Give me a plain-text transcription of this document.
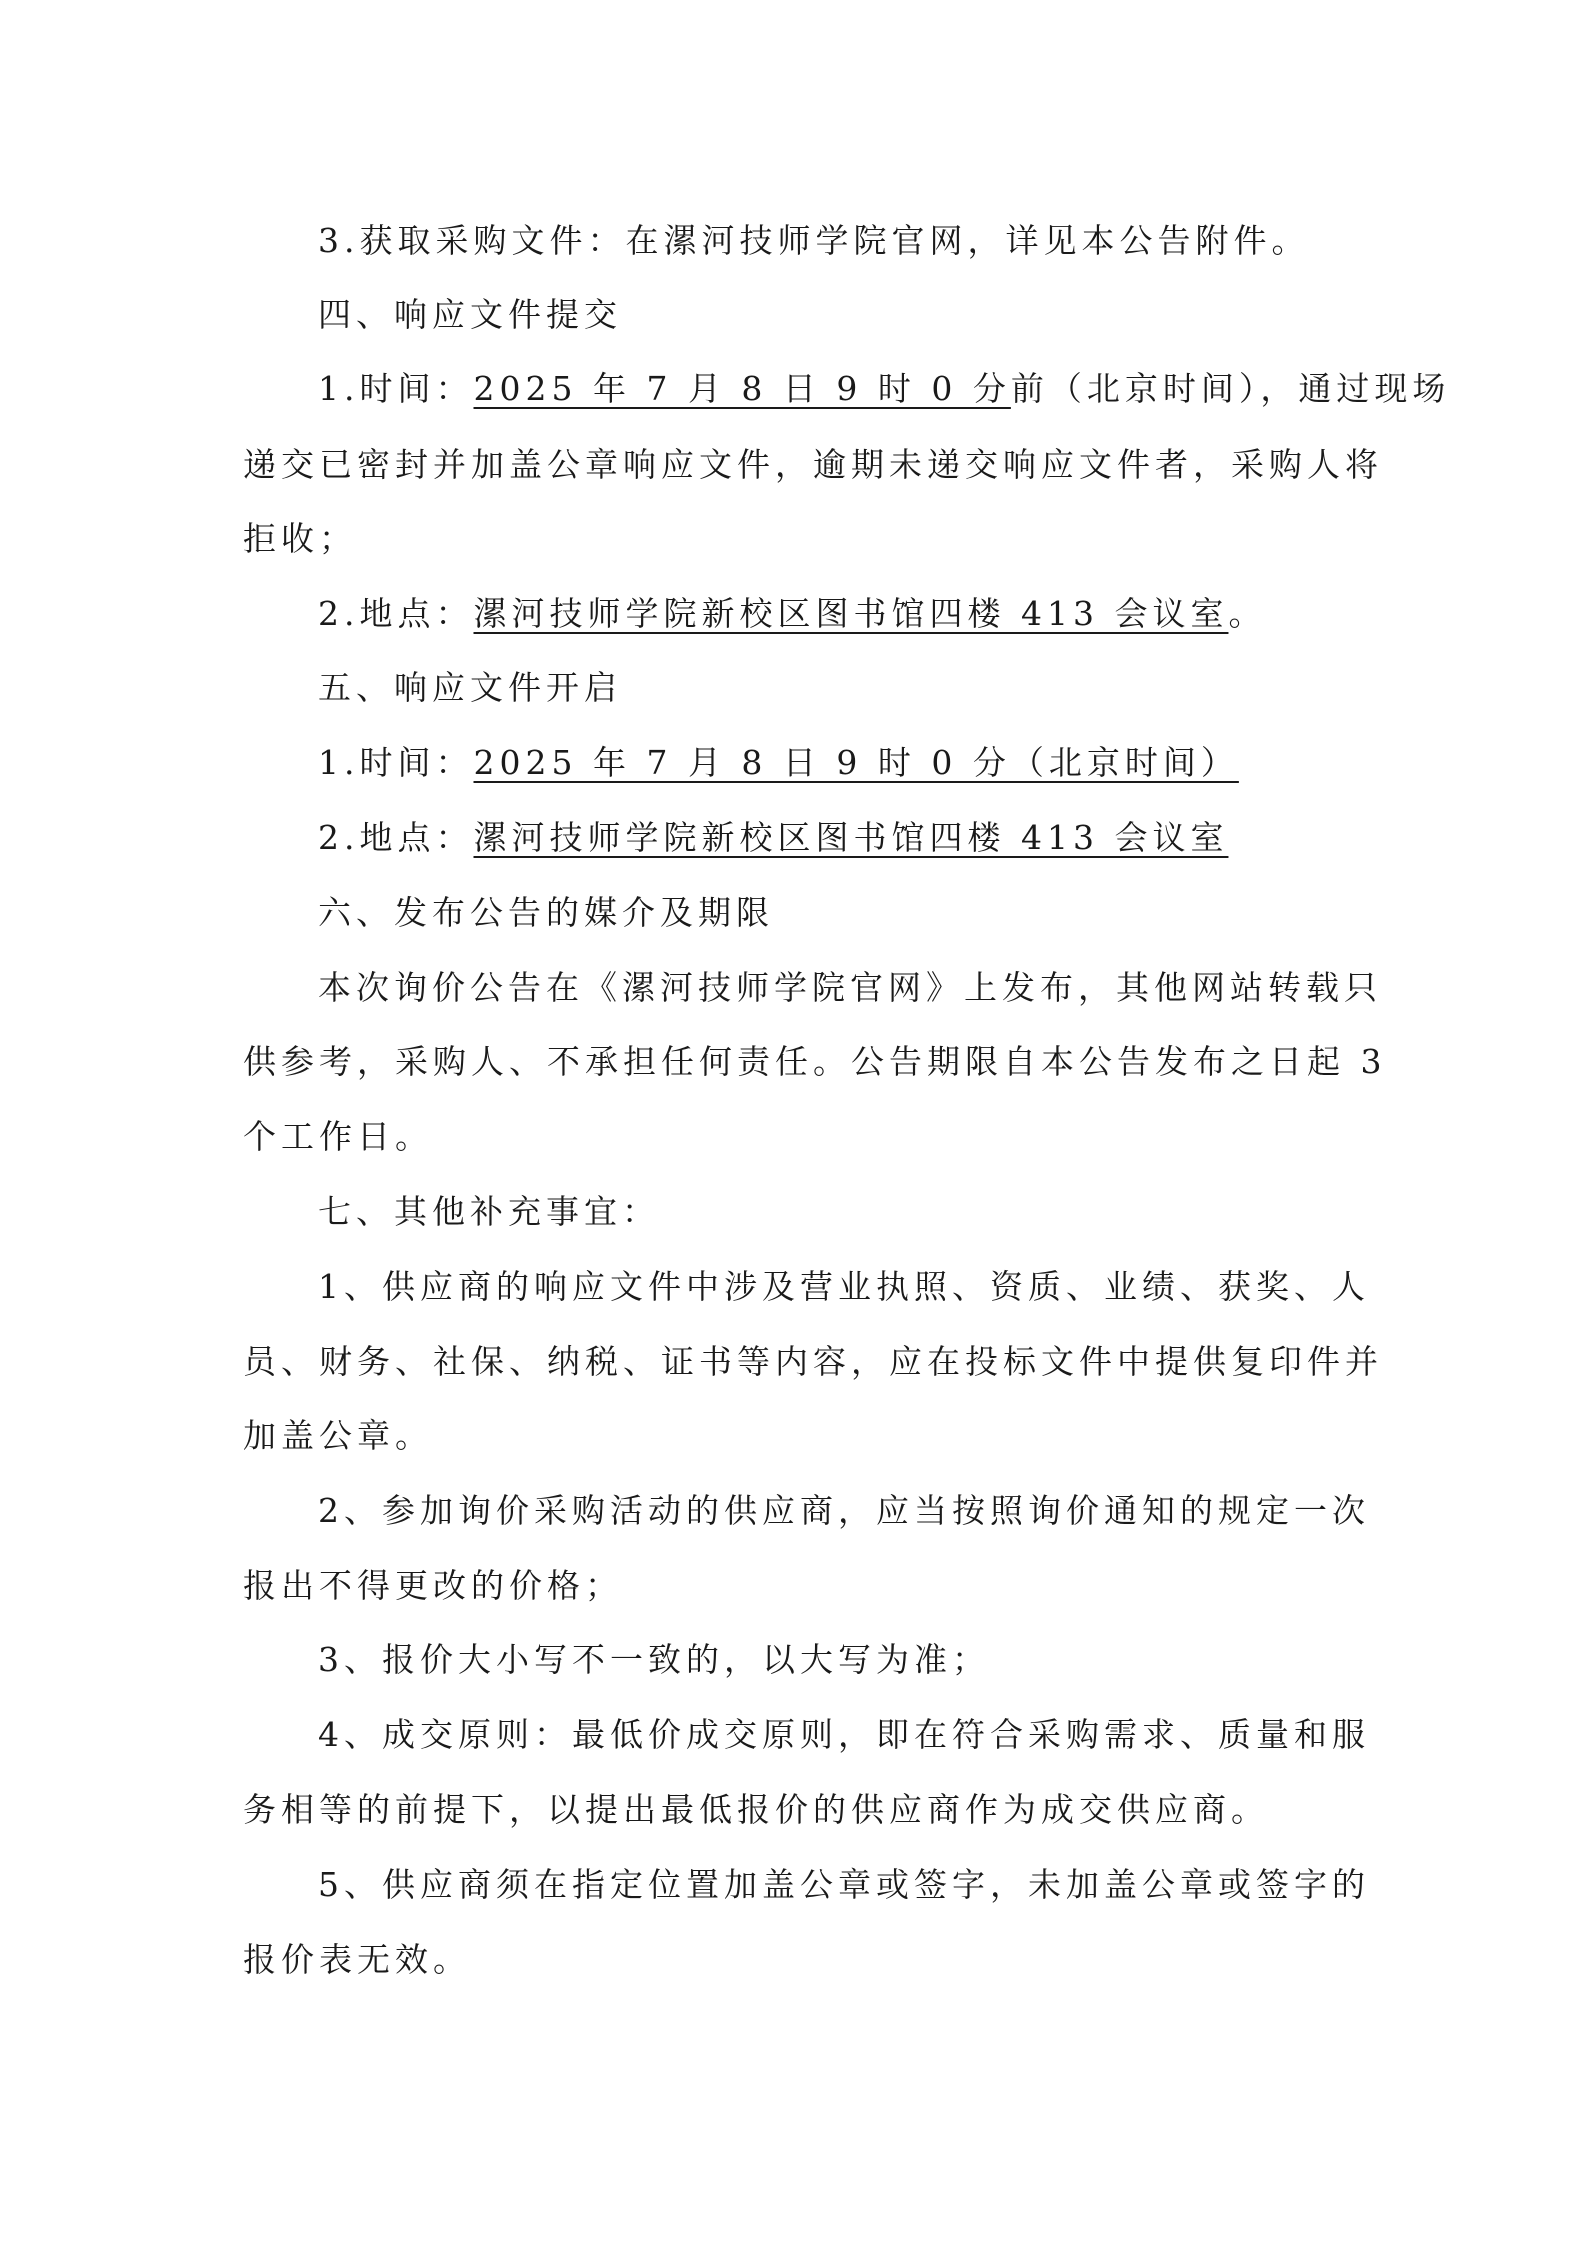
3.获取采购文件：在漯河技师学院官网，详见本公告附件。
四、响应文件提交
1.时间：2025 年 7 月 8 日 9 时 0 分前（北京时间），通过现场
递交已密封并加盖公章响应文件，逾期未递交响应文件者，采购人将
拒收；
2.地点：漯河技师学院新校区图书馆四楼 413 会议室。
五、响应文件开启
1.时间：2025 年 7 月 8 日 9 时 0 分（北京时间）
2.地点：漯河技师学院新校区图书馆四楼 413 会议室
六、发布公告的媒介及期限
本次询价公告在《漯河技师学院官网》上发布，其他网站转载只
供参考，采购人、不承担任何责任。公告期限自本公告发布之日起 3
个工作日。
七、其他补充事宜：
1、供应商的响应文件中涉及营业执照、资质、业绩、获奖、人
员、财务、社保、纳税、证书等内容，应在投标文件中提供复印件并
加盖公章。
2、参加询价采购活动的供应商，应当按照询价通知的规定一次
报出不得更改的价格；
3、报价大小写不一致的，以大写为准；
4、成交原则：最低价成交原则，即在符合采购需求、质量和服
务相等的前提下，以提出最低报价的供应商作为成交供应商。
5、供应商须在指定位置加盖公章或签字，未加盖公章或签字的
报价表无效。
